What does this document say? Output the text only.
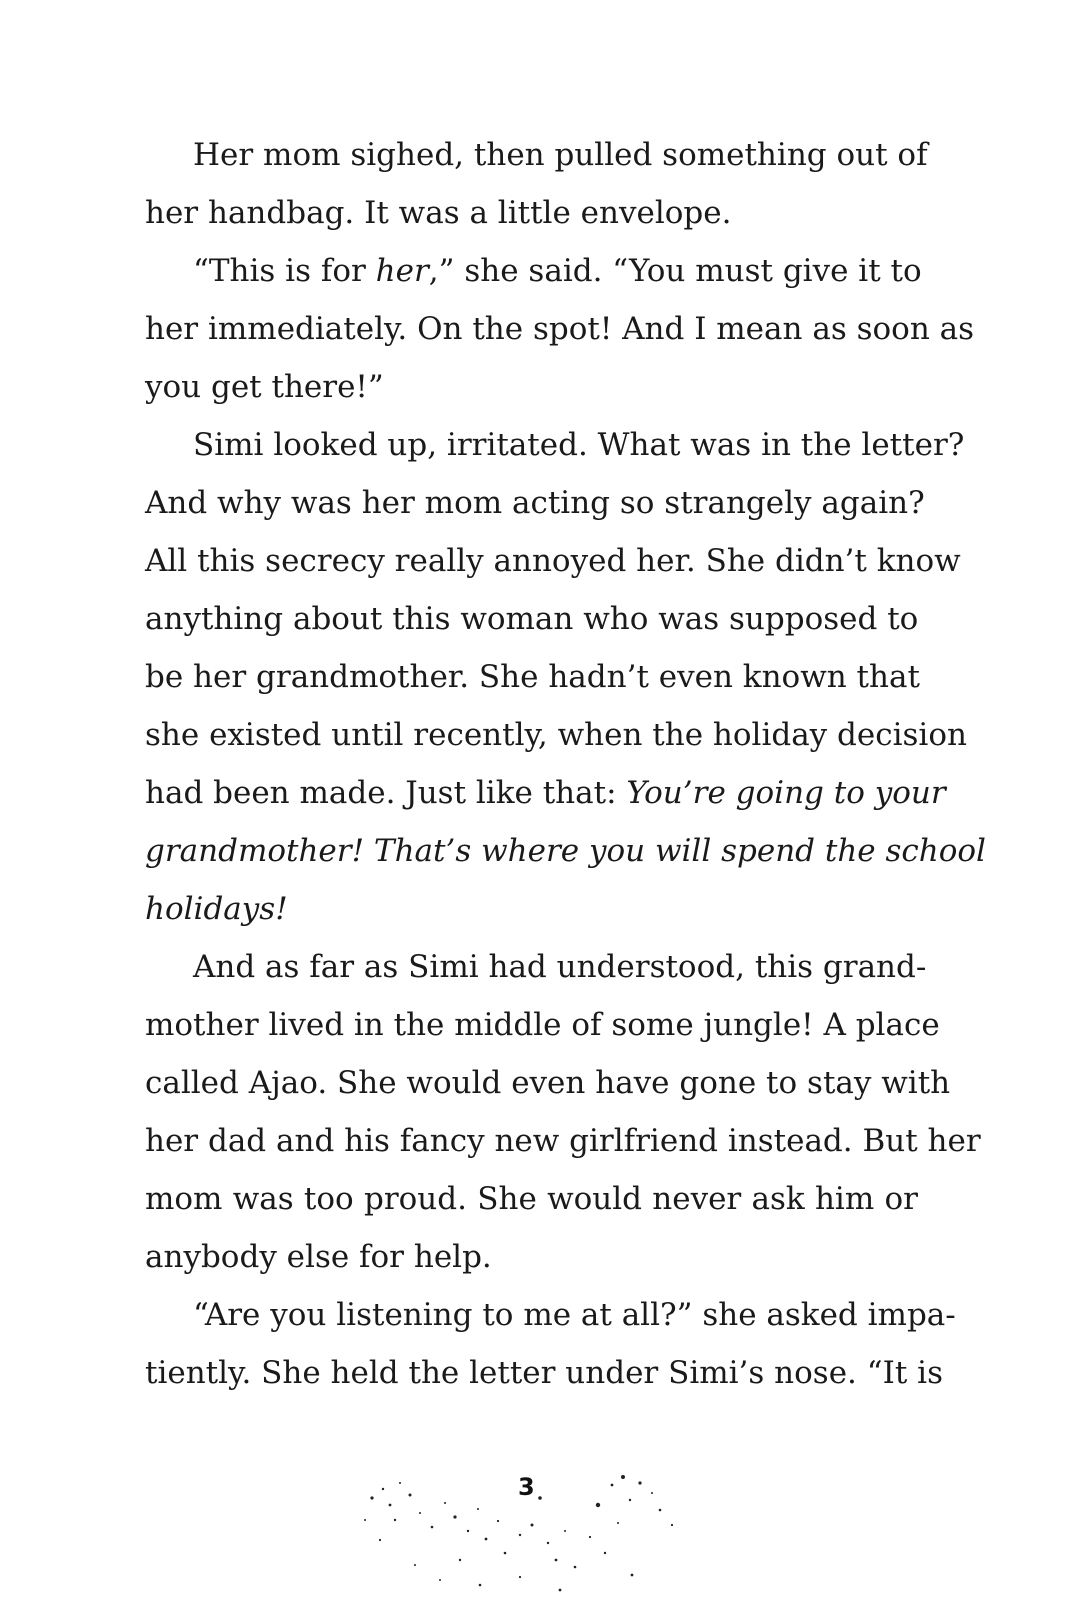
Her mom sighed, then pulled something out of
her handbag. It was a little envelope.
“This is for her,” she said. “You must give it to
her immediately. On the spot! And I mean as soon as
you get there!”
Simi looked up, irritated. What was in the letter?
And why was her mom acting so strangely again?
All this secrecy really annoyed her. She didn’t know
anything about this woman who was supposed to
be her grandmother. She hadn’t even known that
she existed until recently, when the holiday decision
had been made. Just like that: You’re going to your
grandmother! That’s where you will spend the school
holidays!
And as far as Simi had understood, this grand-
mother lived in the middle of some jungle! A place
called Ajao. She would even have gone to stay with
her dad and his fancy new girlfriend instead. But her
mom was too proud. She would never ask him or
anybody else for help.
“Are you listening to me at all?” she asked impa-
tiently. She held the letter under Simi’s nose. “It is
3
